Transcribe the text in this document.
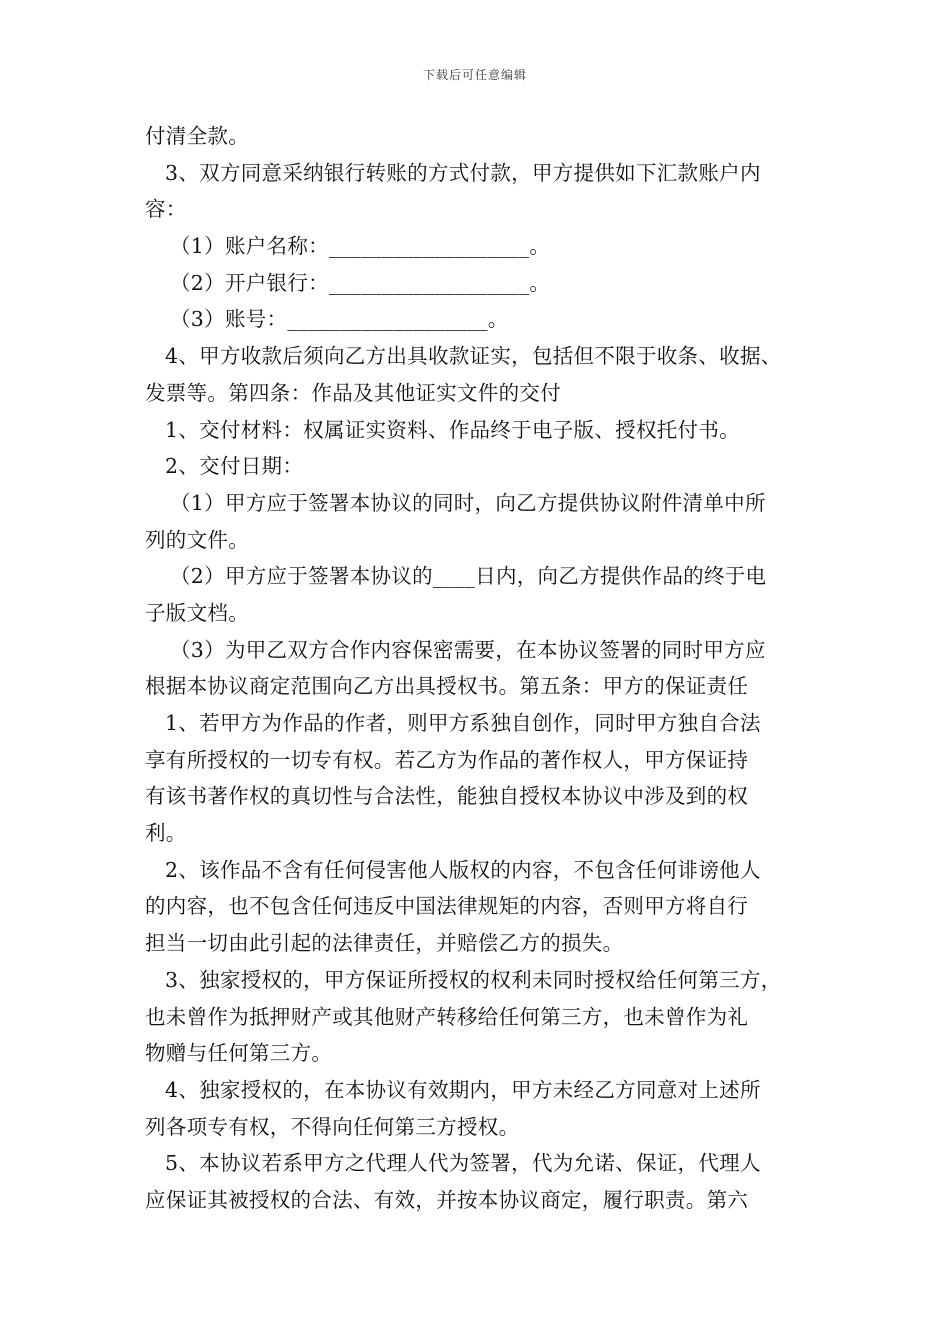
下载后可任意编辑
付清全款。
3、双方同意采纳银行转账的方式付款，甲方提供如下汇款账户内
容：
（1）账户名称：___________________。
（2）开户银行：___________________。
（3）账号：___________________。
4、甲方收款后须向乙方出具收款证实，包括但不限于收条、收据、
发票等。第四条：作品及其他证实文件的交付
1、交付材料：权属证实资料、作品终于电子版、授权托付书。
2、交付日期：
（1）甲方应于签署本协议的同时，向乙方提供协议附件清单中所
列的文件。
（2）甲方应于签署本协议的____日内，向乙方提供作品的终于电
子版文档。
（3）为甲乙双方合作内容保密需要，在本协议签署的同时甲方应
根据本协议商定范围向乙方出具授权书。第五条：甲方的保证责任
1、若甲方为作品的作者，则甲方系独自创作，同时甲方独自合法
享有所授权的一切专有权。若乙方为作品的著作权人，甲方保证持
有该书著作权的真切性与合法性，能独自授权本协议中涉及到的权
利。
2、该作品不含有任何侵害他人版权的内容，不包含任何诽谤他人
的内容，也不包含任何违反中国法律规矩的内容，否则甲方将自行
担当一切由此引起的法律责任，并赔偿乙方的损失。
3、独家授权的，甲方保证所授权的权利未同时授权给任何第三方，
也未曾作为抵押财产或其他财产转移给任何第三方，也未曾作为礼
物赠与任何第三方。
4、独家授权的，在本协议有效期内，甲方未经乙方同意对上述所
列各项专有权，不得向任何第三方授权。
5、本协议若系甲方之代理人代为签署，代为允诺、保证，代理人
应保证其被授权的合法、有效，并按本协议商定，履行职责。第六
